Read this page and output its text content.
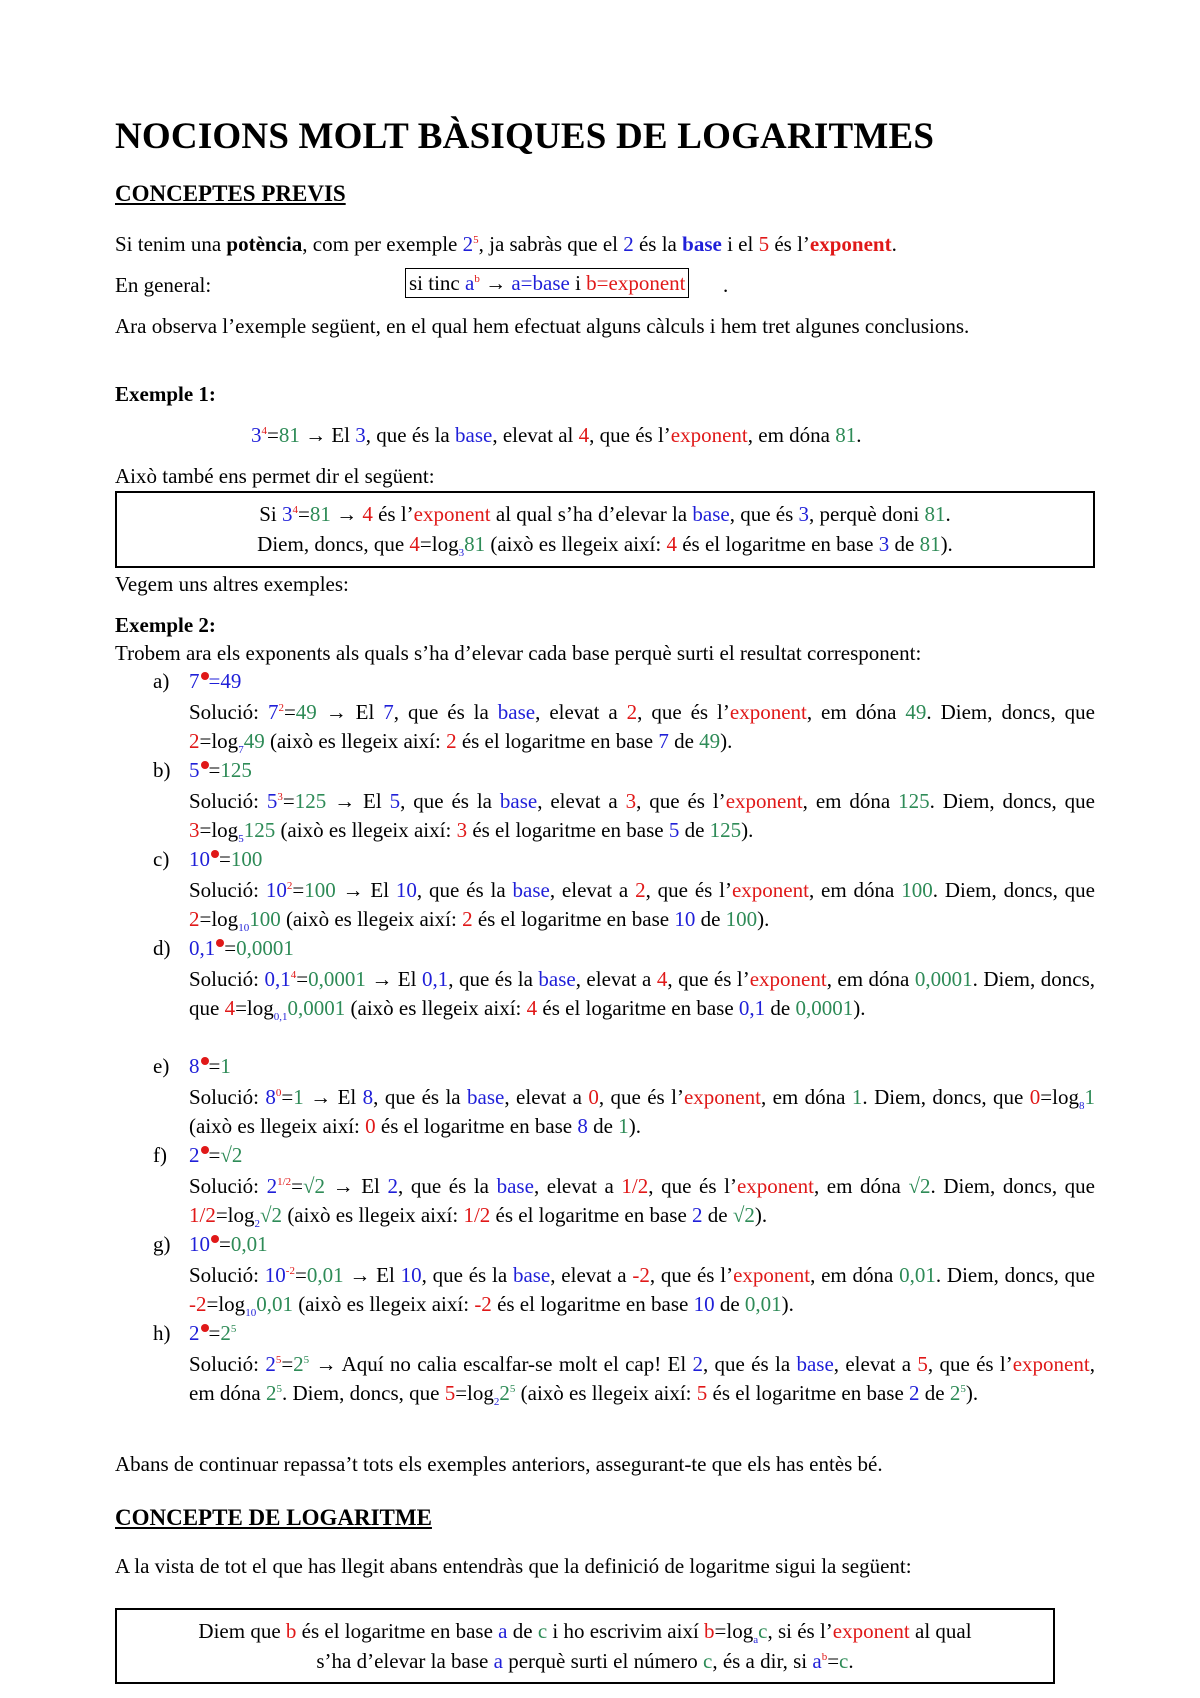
NOCIONS MOLT BÀSIQUES DE LOGARITMES
CONCEPTES PREVIS
Si tenim una potència, com per exemple $2^5$, ja sabràs que el 2 és la base i el 5 és l’exponent.
En general:	si tinc $a^b$ → a=base i b=exponent .
Ara observa l’exemple següent, en el qual hem efectuat alguns càlculs i hem tret algunes conclusions.
Exemple 1:
$3^4=81 \to El$ 3, que és la base, elevat al 4, que és l’exponent, em dóna 81.
Això també ens permet dir el següent:
Si $3^4=81 \to 4$ és l’exponent al qual s’ha d’elevar la base, que és 3, perquè doni 81.
Diem, doncs, que $4=\log_381$ (això es llegeix així: 4 és el logaritme en base 3 de 81).
Vegem uns altres exemples:
Exemple 2:
Trobem ara els exponents als quals s’ha d’elevar cada base perquè surti el resultat corresponent:
a) 7 =49
Solució: $7^2=49 \to El$ 7, que és la base, elevat a 2, que és l’exponent, em dóna 49. Diem, doncs, que $2=\log_749$ (això es llegeix així: 2 és el logaritme en base 7 de 49).
b) 5 =125
Solució: $5^3=125 \to El$ 5, que és la base, elevat a 3, que és l’exponent, em dóna 125. Diem, doncs, que $3=\log_5125$ (això es llegeix així: 3 és el logaritme en base 5 de 125).
c) 10 =100
Solució: $10^2=100 \to El$ 10, que és la base, elevat a 2, que és l’exponent, em dóna 100. Diem, doncs, que $2=\log_{10}100$ (això es llegeix així: 2 és el logaritme en base 10 de 100).
d) 0,1 =0,0001
Solució: $0,1^4=0,0001 \to El$ 0,1, que és la base, elevat a 4, que és l’exponent, em dóna 0,0001. Diem, doncs, que $4=\log_{0,1}0,0001$ (això es llegeix així: 4 és el logaritme en base 0,1 de 0,0001).
e) 8 =1
Solució: $8^0=1 \to El$ 8, que és la base, elevat a 0, que és l’exponent, em dóna 1. Diem, doncs, que $0=\log_81$ (això es llegeix així: 0 és el logaritme en base 8 de 1).
f) 2 =√2
Solució: $2^{1/2}=√2 \to El$ 2, que és la base, elevat a 1/2, que és l’exponent, em dóna √2. Diem, doncs, que $1/2=\log_2√2$ (això es llegeix així: 1/2 és el logaritme en base 2 de √2).
g) 10 =0,01
Solució: $10^{-2}=0,01 \to El$ 10, que és la base, elevat a -2, que és l’exponent, em dóna 0,01. Diem, doncs, que $-2=\log_{10}0,01$ (això es llegeix així: -2 és el logaritme en base 10 de 0,01).
h) $2 =2^5$
Solució: $2^5=2^5$ → Aquí no calia escalfar-se molt el cap! El 2, que és la base, elevat a 5, que és l’exponent, em dóna $2^5$. Diem, doncs, que $5=\log_22^5$ (això es llegeix així: 5 és el logaritme en base 2 de $2^5$).
Abans de continuar repassa’t tots els exemples anteriors, assegurant-te que els has entès bé.
CONCEPTE DE LOGARITME
A la vista de tot el que has llegit abans entendràs que la definició de logaritme sigui la següent:
Diem que b és el logaritme en base a de c i ho escrivim així $b=\log_ac$, si és l’exponent al qual
s’ha d’elevar la base a perquè surti el número c, és a dir, si $a^b=c$.
